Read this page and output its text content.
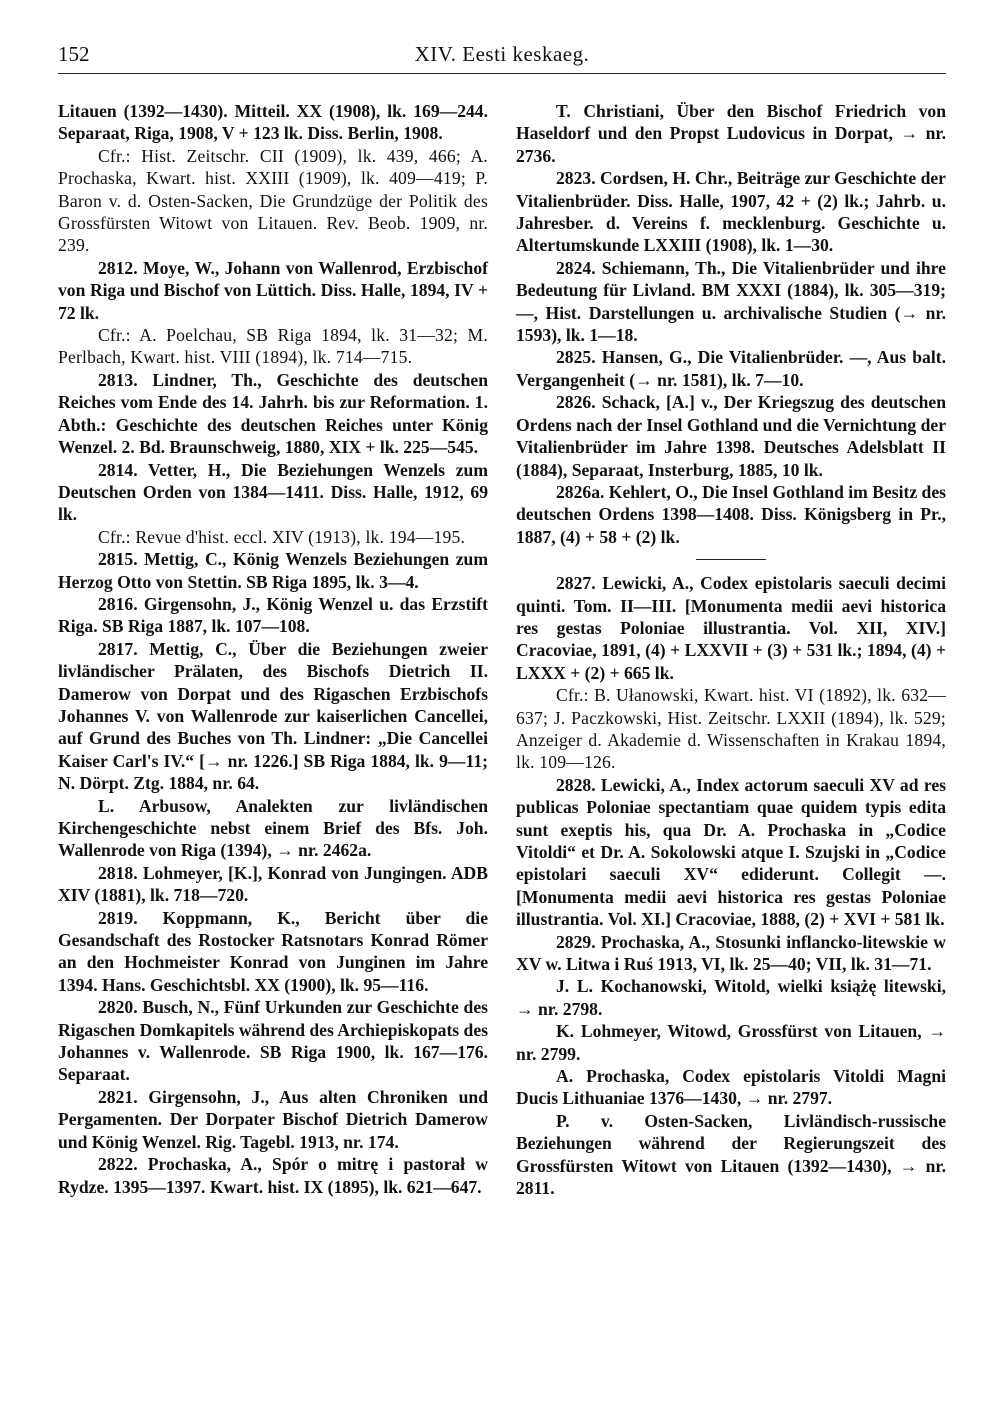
152	XIV. Eesti keskaeg.

Litauen (1392—1430). Mitteil. XX (1908), lk. 169—244. Separaat, Riga, 1908, V + 123 lk. Diss. Berlin, 1908.

Cfr.: Hist. Zeitschr. CII (1909), lk. 439, 466; A. Prochaska, Kwart. hist. XXIII (1909), lk. 409—419; P. Baron v. d. Osten-Sacken, Die Grundzüge der Politik des Grossfürsten Witowt von Litauen. Rev. Beob. 1909, nr. 239.

2812. Moye, W., Johann von Wallenrod, Erzbischof von Riga und Bischof von Lüttich. Diss. Halle, 1894, IV + 72 lk.

Cfr.: A. Poelchau, SB Riga 1894, lk. 31—32; M. Perlbach, Kwart. hist. VIII (1894), lk. 714—715.

2813. Lindner, Th., Geschichte des deutschen Reiches vom Ende des 14. Jahrh. bis zur Reformation. 1. Abth.: Geschichte des deutschen Reiches unter König Wenzel. 2. Bd. Braunschweig, 1880, XIX + lk. 225—545.

2814. Vetter, H., Die Beziehungen Wenzels zum Deutschen Orden von 1384—1411. Diss. Halle, 1912, 69 lk.

Cfr.: Revue d'hist. eccl. XIV (1913), lk. 194—195.

2815. Mettig, C., König Wenzels Beziehungen zum Herzog Otto von Stettin. SB Riga 1895, lk. 3—4.

2816. Girgensohn, J., König Wenzel u. das Erzstift Riga. SB Riga 1887, lk. 107—108.

2817. Mettig, C., Über die Beziehungen zweier livländischer Prälaten, des Bischofs Dietrich II. Damerow von Dorpat und des Rigaschen Erzbischofs Johannes V. von Wallenrode zur kaiserlichen Cancellei, auf Grund des Buches von Th. Lindner: „Die Cancellei Kaiser Carl's IV.“ [→ nr. 1226.] SB Riga 1884, lk. 9—11; N. Dörpt. Ztg. 1884, nr. 64.

L. Arbusow, Analekten zur livländischen Kirchengeschichte nebst einem Brief des Bfs. Joh. Wallenrode von Riga (1394), → nr. 2462a.

2818. Lohmeyer, [K.], Konrad von Jungingen. ADB XIV (1881), lk. 718—720.

2819. Koppmann, K., Bericht über die Gesandschaft des Rostocker Ratsnotars Konrad Römer an den Hochmeister Konrad von Junginen im Jahre 1394. Hans. Geschichtsbl. XX (1900), lk. 95—116.

2820. Busch, N., Fünf Urkunden zur Geschichte des Rigaschen Domkapitels während des Archiepiskopats des Johannes v. Wallenrode. SB Riga 1900, lk. 167—176. Separaat.

2821. Girgensohn, J., Aus alten Chroniken und Pergamenten. Der Dorpater Bischof Dietrich Damerow und König Wenzel. Rig. Tagebl. 1913, nr. 174.

2822. Prochaska, A., Spór o mitrę i pastorał w Rydze. 1395—1397. Kwart. hist. IX (1895), lk. 621—647.

T. Christiani, Über den Bischof Friedrich von Haseldorf und den Propst Ludovicus in Dorpat, → nr. 2736.

2823. Cordsen, H. Chr., Beiträge zur Geschichte der Vitalienbrüder. Diss. Halle, 1907, 42 + (2) lk.; Jahrb. u. Jahresber. d. Vereins f. mecklenburg. Geschichte u. Altertumskunde LXXIII (1908), lk. 1—30.

2824. Schiemann, Th., Die Vitalienbrüder und ihre Bedeutung für Livland. BM XXXI (1884), lk. 305—319; —, Hist. Darstellungen u. archivalische Studien (→ nr. 1593), lk. 1—18.

2825. Hansen, G., Die Vitalienbrüder. —, Aus balt. Vergangenheit (→ nr. 1581), lk. 7—10.

2826. Schack, [A.] v., Der Kriegszug des deutschen Ordens nach der Insel Gothland und die Vernichtung der Vitalienbrüder im Jahre 1398. Deutsches Adelsblatt II (1884), Separaat, Insterburg, 1885, 10 lk.

2826a. Kehlert, O., Die Insel Gothland im Besitz des deutschen Ordens 1398—1408. Diss. Königsberg in Pr., 1887, (4) + 58 + (2) lk.

2827. Lewicki, A., Codex epistolaris saeculi decimi quinti. Tom. II—III. [Monumenta medii aevi historica res gestas Poloniae illustrantia. Vol. XII, XIV.] Cracoviae, 1891, (4) + LXXVII + (3) + 531 lk.; 1894, (4) + LXXX + (2) + 665 lk.

Cfr.: B. Ułanowski, Kwart. hist. VI (1892), lk. 632— 637; J. Paczkowski, Hist. Zeitschr. LXXII (1894), lk. 529; Anzeiger d. Akademie d. Wissenschaften in Krakau 1894, lk. 109—126.

2828. Lewicki, A., Index actorum saeculi XV ad res publicas Poloniae spectantiam quae quidem typis edita sunt exeptis his, qua Dr. A. Prochaska in „Codice Vitoldi“ et Dr. A. Sokolowski atque I. Szujski in „Codice epistolari saeculi XV“ ediderunt. Collegit —. [Monumenta medii aevi historica res gestas Poloniae illustrantia. Vol. XI.] Cracoviae, 1888, (2) + XVI + 581 lk.

2829. Prochaska, A., Stosunki inflancko-litewskie w XV w. Litwa i Ruś 1913, VI, lk. 25—40; VII, lk. 31—71.

J. L. Kochanowski, Witold, wielki książę litewski, → nr. 2798.

K. Lohmeyer, Witowd, Grossfürst von Litauen, → nr. 2799.

A. Prochaska, Codex epistolaris Vitoldi Magni Ducis Lithuaniae 1376—1430, → nr. 2797.

P. v. Osten-Sacken, Livländisch-russische Beziehungen während der Regierungszeit des Grossfürsten Witowt von Litauen (1392—1430), → nr. 2811.
